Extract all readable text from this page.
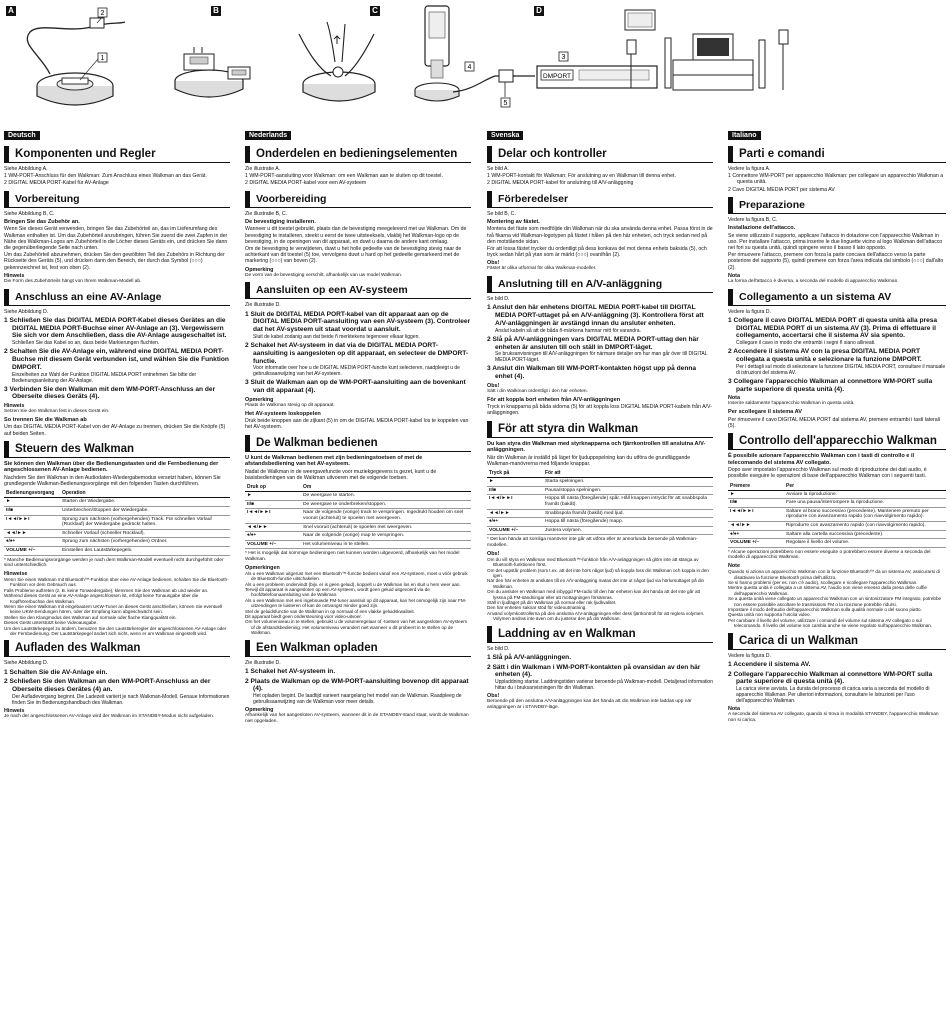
A	B	C	D
2
1

DMPORT
3
4
5
Deutsch
Komponenten und Regler
Siehe Abbildung A.
1 WM-PORT-Anschluss für den Walkman: Zum Anschluss eines Walkman an das Gerät.
2 DIGITAL MEDIA PORT-Kabel für AV-Anlage
Vorbereitung
Siehe Abbildung B, C.
Bringen Sie das Zubehör an.
Wenn Sie dieses Gerät verwenden, bringen Sie das Zubehörteil an, das im Lieferumfang des Walkman enthalten ist. Um das Zubehörteil anzubringen, führen Sie zuerst die zwei Zapfen in der Nähe des Walkman-Logos am Zubehörteil in die Löcher dieses Geräts ein, und drücken Sie dann die gegenüberliegende Seite nach unten.
Um das Zubehörteil abzunehmen, drücken Sie den gewölbten Teil des Zubehörs in Richtung der Rückseite des Geräts (5), und drücken dann den Bereich, der durch das Symbol (○○○) gekennzeichnet ist, fest von oben (2).
Hinweis
Die Form des Zubehörteils hängt von Ihrem Walkman-Modell ab.
Anschluss an eine AV-Anlage
Siehe Abbildung D.
1 Schließen Sie das DIGITAL MEDIA PORT-Kabel dieses Gerätes an die DIGITAL MEDIA PORT-Buchse einer AV-Anlage an (3). Vergewissern Sie sich vor dem Anschließen, dass die AV-Anlage ausgeschaltet ist.
Schließen Sie das Kabel so an, dass beide Markierungen fluchten.
2 Schalten Sie die AV-Anlage ein, während eine DIGITAL MEDIA PORT-Buchse mit diesem Gerät verbunden ist, und wählen Sie die Funktion DMPORT.
Einzelheiten zur Wahl der Funktion DIGITAL MEDIA PORT entnehmen Sie bitte der Bedienungsanleitung der AV-Anlage.
3 Verbinden Sie den Walkman mit dem WM-PORT-Anschluss an der Oberseite dieses Geräts (4).
Hinweis
Setzen Sie den Walkman fest in dieses Gerät ein.
So trennen Sie die Walkman ab
Um das DIGITAL MEDIA PORT-Kabel von der AV-Anlage zu trennen, drücken Sie die Knöpfe (5) auf beiden Seiten.
Steuern des Walkman
Sie können den Walkman über die Bedienungstasten und die Fernbedienung der angeschlossenen AV-Anlage bedienen.
Nachdem Sie den Walkman in den Audiodaten-Wiedergabemodus versetzt haben, können Sie grundlegende Walkman-Bedienungsvorgänge mit den folgenden Tasten durchführen.
Bedienungsvorgang	Operation
►	Starten der Wiedergabe.
II/■	Unterbrechen/Stoppen der Wiedergabe.
I◄◄/►►I	Sprung zum nächsten (vorhergehenden) Track. Für schnellen Vorlauf (Rücklauf) der Wiedergabe gedrückt halten.
◄◄/►►	Schneller Vorlauf (schneller Rücklauf).
♦/♦+	Sprung zum nächsten (vorhergehenden) Ordner.
VOLUME +/–	Einstellen des Lautstärkepegels.
* Manche Bedienungsvorgänge werden je nach dem Walkman-Modell eventuell nicht durchgeführt oder sind unterschiedlich.
Hinweise
Wenn Sie einen Walkman mit Bluetooth™-Funktion über eine AV-Anlage bedienen, schalten Sie die Bluetooth-Funktion vor dem Gebrauch aus.
Falls Probleme auftreten (z. B. keine Tonwiedergabe), klemmen Sie den Walkman ab und wieder an.
Während dieses Gerät an eine AV-Anlage angeschlossen ist, erfolgt keine Tonausgabe über die Kopfhörerbuchse des Walkman.
Wenn Sie einen Walkman mit eingebautem UKW-Tuner an dieses Gerät anschließen, können Sie eventuell keine UKW-Sendungen hören, oder der Empfang kann abgeschwächt sein.
Stellen Sie den Klangmodus des Walkman auf normale oder flache Klangqualität ein.
Dieses Gerät unterstützt keine Videoausgabe.
Um den Lautstärkepegel zu ändern, benutzen Sie den Lautstärkeregler der angeschlossenen AV-Anlage oder der Fernbedienung. Der Lautstärkepegel ändert sich nicht, wenn er am Walkman eingestellt wird.
Aufladen des Walkman
Siehe Abbildung D.
1 Schalten Sie die AV-Anlage ein.
2 Schließen Sie den Walkman an den WM-PORT-Anschluss an der Oberseite dieses Gerätes (4) an.
Der Aufladevorgang beginnt. Die Ladezeit variiert je nach Walkman-Modell. Genaue Informationen finden Sie im Bedienungshandbuch des Walkman.
Hinweis
Je nach der angeschlossenen AV-Anlage wird der Walkman im STANDBY-Modus nicht aufgeladen.
Nederlands
Onderdelen en bedieningselementen
Zie illustratie A.
1 WM-PORT-aansluiting voor Walkman: om een Walkman aan te sluiten op dit toestel.
2 DIGITAL MEDIA PORT-kabel voor een AV-systeem
Voorbereiding
Zie illustratie B, C.
De bevestiging installeren.
Wanneer u dit toestel gebruikt, plaats dan de bevestiging meegeleverd met uw Walkman. Om de bevestiging te installeren, steekt u eerst de twee uitsteeksels, vlakbij het Walkman-logo op de bevestiging, in de openingen van dit apparaat, en duwt u daarna de andere kant omlaag.
Om de bevestiging te verwijderen, duwt u het holle gedeelte van de bevestiging stevig naar de achterkant van dit toestel (5) toe, vervolgens duwt u hard op het gedeelte gemarkeerd met de markering (○○○) van boven (2).
Opmerking
De vorm van de bevestiging verschilt, afhankelijk van uw model Walkman.
Aansluiten op een AV-systeem
Zie illustratie D.
1 Sluit de DIGITAL MEDIA PORT-kabel van dit apparaat aan op de DIGITAL MEDIA PORT-aansluiting van een AV-systeem (3). Controleer dat het AV-systeem uit staat voordat u aansluit.
Sluit de kabel zodanig aan dat beide ñ merktekens tegenover elkaar liggen.
2 Schakel het AV-systeem in dat via de DIGITAL MEDIA PORT-aansluiting is aangesloten op dit apparaat, en selecteer de DMPORT-functie.
Voor informatie over hoe u de DIGITAL MEDIA PORT-functie kunt selecteren, raadpleegt u de gebruiksaanwijzing van het AV-systeem.
3 Sluit de Walkman aan op de WM-PORT-aansluiting aan de bovenkant van dit apparaat (4).
Opmerking
Plaats de Walkman stevig op dit apparaat.
Het AV-systeem loskoppelen
Druk beide knoppen aan de zijkant (5) in om de DIGITAL MEDIA PORT-kabel los te koppelen van het AV-systeem.
De Walkman bedienen
U kunt de Walkman bedienen met zijn bedieningstoetsen of met de afstandsbediening van het AV-systeem.
Nadat de Walkman in de weergavefunctie voor muziekgegevens is gezet, kunt u de basisbedieningen van de Walkman uitvoeren met de volgende toetsen.
Druk op	Om
►	De weergave te starten.
II/■	De weergave te onderbreken/stoppen.
I◄◄/►►I	Naar de volgende (vorige) track te verspringen. Ingedrukt houden om snel vooruit (achteruit) te spoelen met weergeven.
◄◄/►►	Snel vooruit (achteruit) te spoelen met weergeven.
♦/♦+	Naar de volgende (vorige) map te verspringen.
VOLUME +/–	Het volumeniveau in te stellen.
* Het is mogelijk dat sommige bedieningen niet kunnen worden uitgevoerd, afhankelijk van het model Walkman.
Opmerkingen
Als u een Walkman uitgerust met een Bluetooth™-functie bedient vanaf een AV-systeem, moet u vóór gebruik de Bluetooth-functie uitschakelen.
Als u een probleem ondervindt (bijv. er is geen geluid), koppelt u de Walkman los en sluit u hem weer aan.
Terwijl dit apparaat is aangesloten op een AV-systeem, wordt geen geluid uitgevoerd via de hoofdtelefoonaansluiting van de Walkman.
Als u een Walkman met een ingebouwde FM-tuner aansluit op dit apparaat, kan het onmogelijk zijn naar FM-uitzendingen te luisteren of kan de ontvangst minder goed zijn.
Stel de geluidsfunctie van de Walkman in op normaal of een vlakke geluidskwaliteit.
Dit apparaat biedt geen ondersteuning voor video-uitvoer.
Om het volumeniveau in te stellen, gebruikt u de volumeregelaar of -toetsen van het aangesloten AV-systeem of de afstandsbediening. Het volumeniveau verandert niet wanneer u dit probeert in te stellen op de Walkman.
Een Walkman opladen
Zie illustratie D.
1 Schakel het AV-systeem in.
2 Plaats de Walkman op de WM-PORT-aansluiting bovenop dit apparaat (4).
Het opladen begint. De laadtijd varieert naargelang het model van de Walkman. Raadpleeg de gebruiksaanwijzing van de Walkman voor meer details.
Opmerking
Afhankelijk van het aangesloten AV-systeem, wanneer dit in de STANDBY-stand staat, wordt de Walkman niet opgeladen.
Svenska
Delar och kontroller
Se bild A.
1 WM-PORT-kontakt för Walkman: För anslutning av en Walkman till denna enhet.
2 DIGITAL MEDIA PORT-kabel för anslutning till A/V-anläggning
Förberedelser
Se bild B, C.
Montering av fästet.
Montera det fäste som medföljde din Walkman när du ska använda denna enhet. Passa först in de två fikarna vid Walkman-logotypen på fästet i hålen på den här enheten, och tryck sedan ned på den motstående sidan.
För att lossa fästet trycker du ordentligt på dess konkava del mot denna enhets baksida (5), och tryck sedan hårt på ytan som är märkt (○○○) ovanifrån (2).
Obs!
Fästet är olika utformat för olika Walkman-modeller.
Anslutning till en A/V-anläggning
Se bild D.
1 Anslut den här enhetens DIGITAL MEDIA PORT-kabel till DIGITAL MEDIA PORT-uttaget på en A/V-anläggning (3). Kontrollera först att A/V-anläggningen är avstängd innan du ansluter enheten.
Anslut kabeln så att de båda ñ-märkena hamnar mitt för varandra.
2 Slå på A/V-anläggningen vars DIGITAL MEDIA PORT-uttag den här enheten är ansluten till och ställ in DMPORT-läget.
Se bruksanvisningen till A/V-anläggningen för närmare detaljer om hur man går över till DIGITAL MEDIA PORT-läget.
3 Anslut din Walkman till WM-PORT-kontakten högst upp på denna enhet (4).
Obs!
Sätt i din Walkman ordentligt i den här enheten.
För att koppla bort enheten från A/V-anläggningen
Tryck in knapparna på båda sidorna (5) för att koppla loss DIGITAL MEDIA PORT-kabeln från A/V-anläggningen.
För att styra din Walkman
Du kan styra din Walkman med styrknapparna och fjärrkontrollen till anslutna A/V-anläggningen.
När din Walkman är inställd på läget för ljuduppspelning kan du utföra de grundläggande Walkman-manövrerna med följande knappar.
Tryck på	För att
►	Starta spelningen.
II/■	Pausa/stoppa spelningen.
I◄◄/►►I	Hoppa till nästa (föregående) spår. Håll knappen intryckt för att snabbspola framåt (bakåt).
◄◄/►►	Snabbspola framåt (bakåt) med ljud.
♦/♦+	Hoppa till nästa (föregående) mapp.
VOLUME +/–	Justera volymen.
* Det kan hända att somliga manövrer inte går att utföra eller är annorlunda beroende på Walkman-modellen.
Obs!
Om du vill styra en Walkman med Bluetooth™-funktion från A/V-anläggningen så glöm inte att stänga av Bluetooth-funktionen först.
Om det uppstår problem (som t.ex. att det inte hörs något ljud) så koppla loss din Walkman och koppla in den igen.
När den här enheten är ansluten till en A/V-anläggning matas det inte ut något ljud via hörlursuttaget på din Walkman.
Om du ansluter en Walkman med inbyggd FM-radio till den här enheten kan det hända att det inte går att lyssna på FM-sändningar eller att mottagningen försämras.
Ställ in ljudläget på din Walkman på normal eller rak ljudkvalitet.
Den här enheten saknar stöd för videoutmatning.
Använd volymkontrollerna på den anslutna A/V-anläggningen eller dess fjärrkontroll för att reglera volymen. Volymen ändras inte även om du justerar den på din Walkman.
Laddning av en Walkman
Se bild D.
1 Slå på A/V-anläggningen.
2 Sätt i din Walkman i WM-PORT-kontakten på ovansidan av den här enheten (4).
Uppladdning startar. Laddningstiden varierar beroende på Walkman-modell. Detaljerad information hittar du i bruksanvisningen för din Walkman.
Obs!
Beroende på den anslutna A/V-anläggningen kan det hända att din Walkman inte laddas upp när anläggningen är i STANDBY-läge.
Italiano
Parti e comandi
Vedere la figura A.
1 Connettore WM-PORT per apparecchio Walkman: per collegare un apparecchio Walkman a questa unità.
2 Cavo DIGITAL MEDIA PORT per sistema AV
Preparazione
Vedere la figura B, C.
Installazione dell'attacco.
Se viene utilizzato il supporto, applicare l'attacco in dotazione con l'apparecchio Walkman in uso. Per installare l'attacco, prima inserire le due linguette vicino al logo Walkman dell'attacco nei fori su questa unità, quindi spingere verso il basso il lato opposto.
Per rimuovere l'attacco, premere con forza la parte concava dell'attacco verso la parte posteriore del supporto (5), quindi premere con forza l'area indicata dal simbolo (○○○) dall'alto (2).
Nota
La forma dell'attacco è diversa, a seconda del modello di apparecchio Walkman.
Collegamento a un sistema AV
Vedere la figura D.
1 Collegare il cavo DIGITAL MEDIA PORT di questa unità alla presa DIGITAL MEDIA PORT di un sistema AV (3). Prima di effettuare il collegamento, accertarsi che il sistema AV sia spento.
Collegare il cavo in modo che entrambi i segni ñ siano allineati.
2 Accendere il sistema AV con la presa DIGITAL MEDIA PORT collegata a questa unità e selezionare la funzione DMPORT.
Per i dettagli sul modo di selezionare la funzione DIGITAL MEDIA PORT, consultare il manuale di istruzioni del sistema AV.
3 Collegare l'apparecchio Walkman al connettore WM-PORT sulla parte superiore di questa unità (4).
Nota
Inserire saldamente l'apparecchio Walkman in questa unità.
Per scollegare il sistema AV
Per rimuovere il cavo DIGITAL MEDIA PORT dal sistema AV, premere entrambi i tasti laterali (5).
Controllo dell'apparecchio Walkman
È possibile azionare l'apparecchio Walkman con i tasti di controllo e il telecomando del sistema AV collegato.
Dopo aver impostato l'apparecchio Walkman sul modo di riproduzione dei dati audio, è possibile eseguire le operazioni di base dell'apparecchio Walkman con i seguenti tasti.
Premere	Per
►	Avviare la riproduzione.
II/■	Fare una pausa/interrompere la riproduzione.
I◄◄/►►I	Saltare al brano successivo (precedente). Mantenere premuto per riprodurre con avanzamento rapido (con riavvolgimento rapido).
◄◄/►►	Riprodurre con avanzamento rapido (con riavvolgimento rapido).
♦/♦+	Saltare alla cartella successiva (precedente).
VOLUME +/–	Regolare il livello del volume.
* Alcune operazioni potrebbero non essere eseguite o potrebbero essere diverse a seconda del modello di apparecchio Walkman.
Note
Quando si aziona un apparecchio Walkman con la funzione Bluetooth™ da un sistema AV, assicurarsi di disattivare la funzione Bluetooth prima dell'utilizzo.
Se si hanno problemi (per es. non c'è audio), scollegare e ricollegare l'apparecchio Walkman.
Mentre questa unità è collegata a un sistema AV, l'audio non viene emesso dalla presa delle cuffie dell'apparecchio Walkman.
Se a questa unità viene collegato un apparecchio Walkman con un sintonizzatore FM integrato, potrebbe non essere possibile ascoltare le trasmissioni FM o la ricezione potrebbe ridursi.
Impostare il modo dell'audio dell'apparecchio Walkman sulla qualità normale o del suono piatto.
Questa unità non supporta l'uscita video.
Per cambiare il livello del volume, utilizzare i comandi del volume sul sistema AV collegato o sul telecomando. Il livello del volume non cambia anche se viene regolato sull'apparecchio Walkman.
Carica di un Walkman
Vedere la figura D.
1 Accendere il sistema AV.
2 Collegare l'apparecchio Walkman al connettore WM-PORT sulla parte superiore di questa unità (4).
La carica viene avviata. La durata del processo di carica varia a seconda del modello di apparecchio Walkman. Per ulteriori informazioni, consultare le Istruzioni per l'uso dell'apparecchio Walkman.
Nota
A seconda del sistema AV collegato, quando si trova in modalità STANDBY, l'apparecchio Walkman non si carica.
